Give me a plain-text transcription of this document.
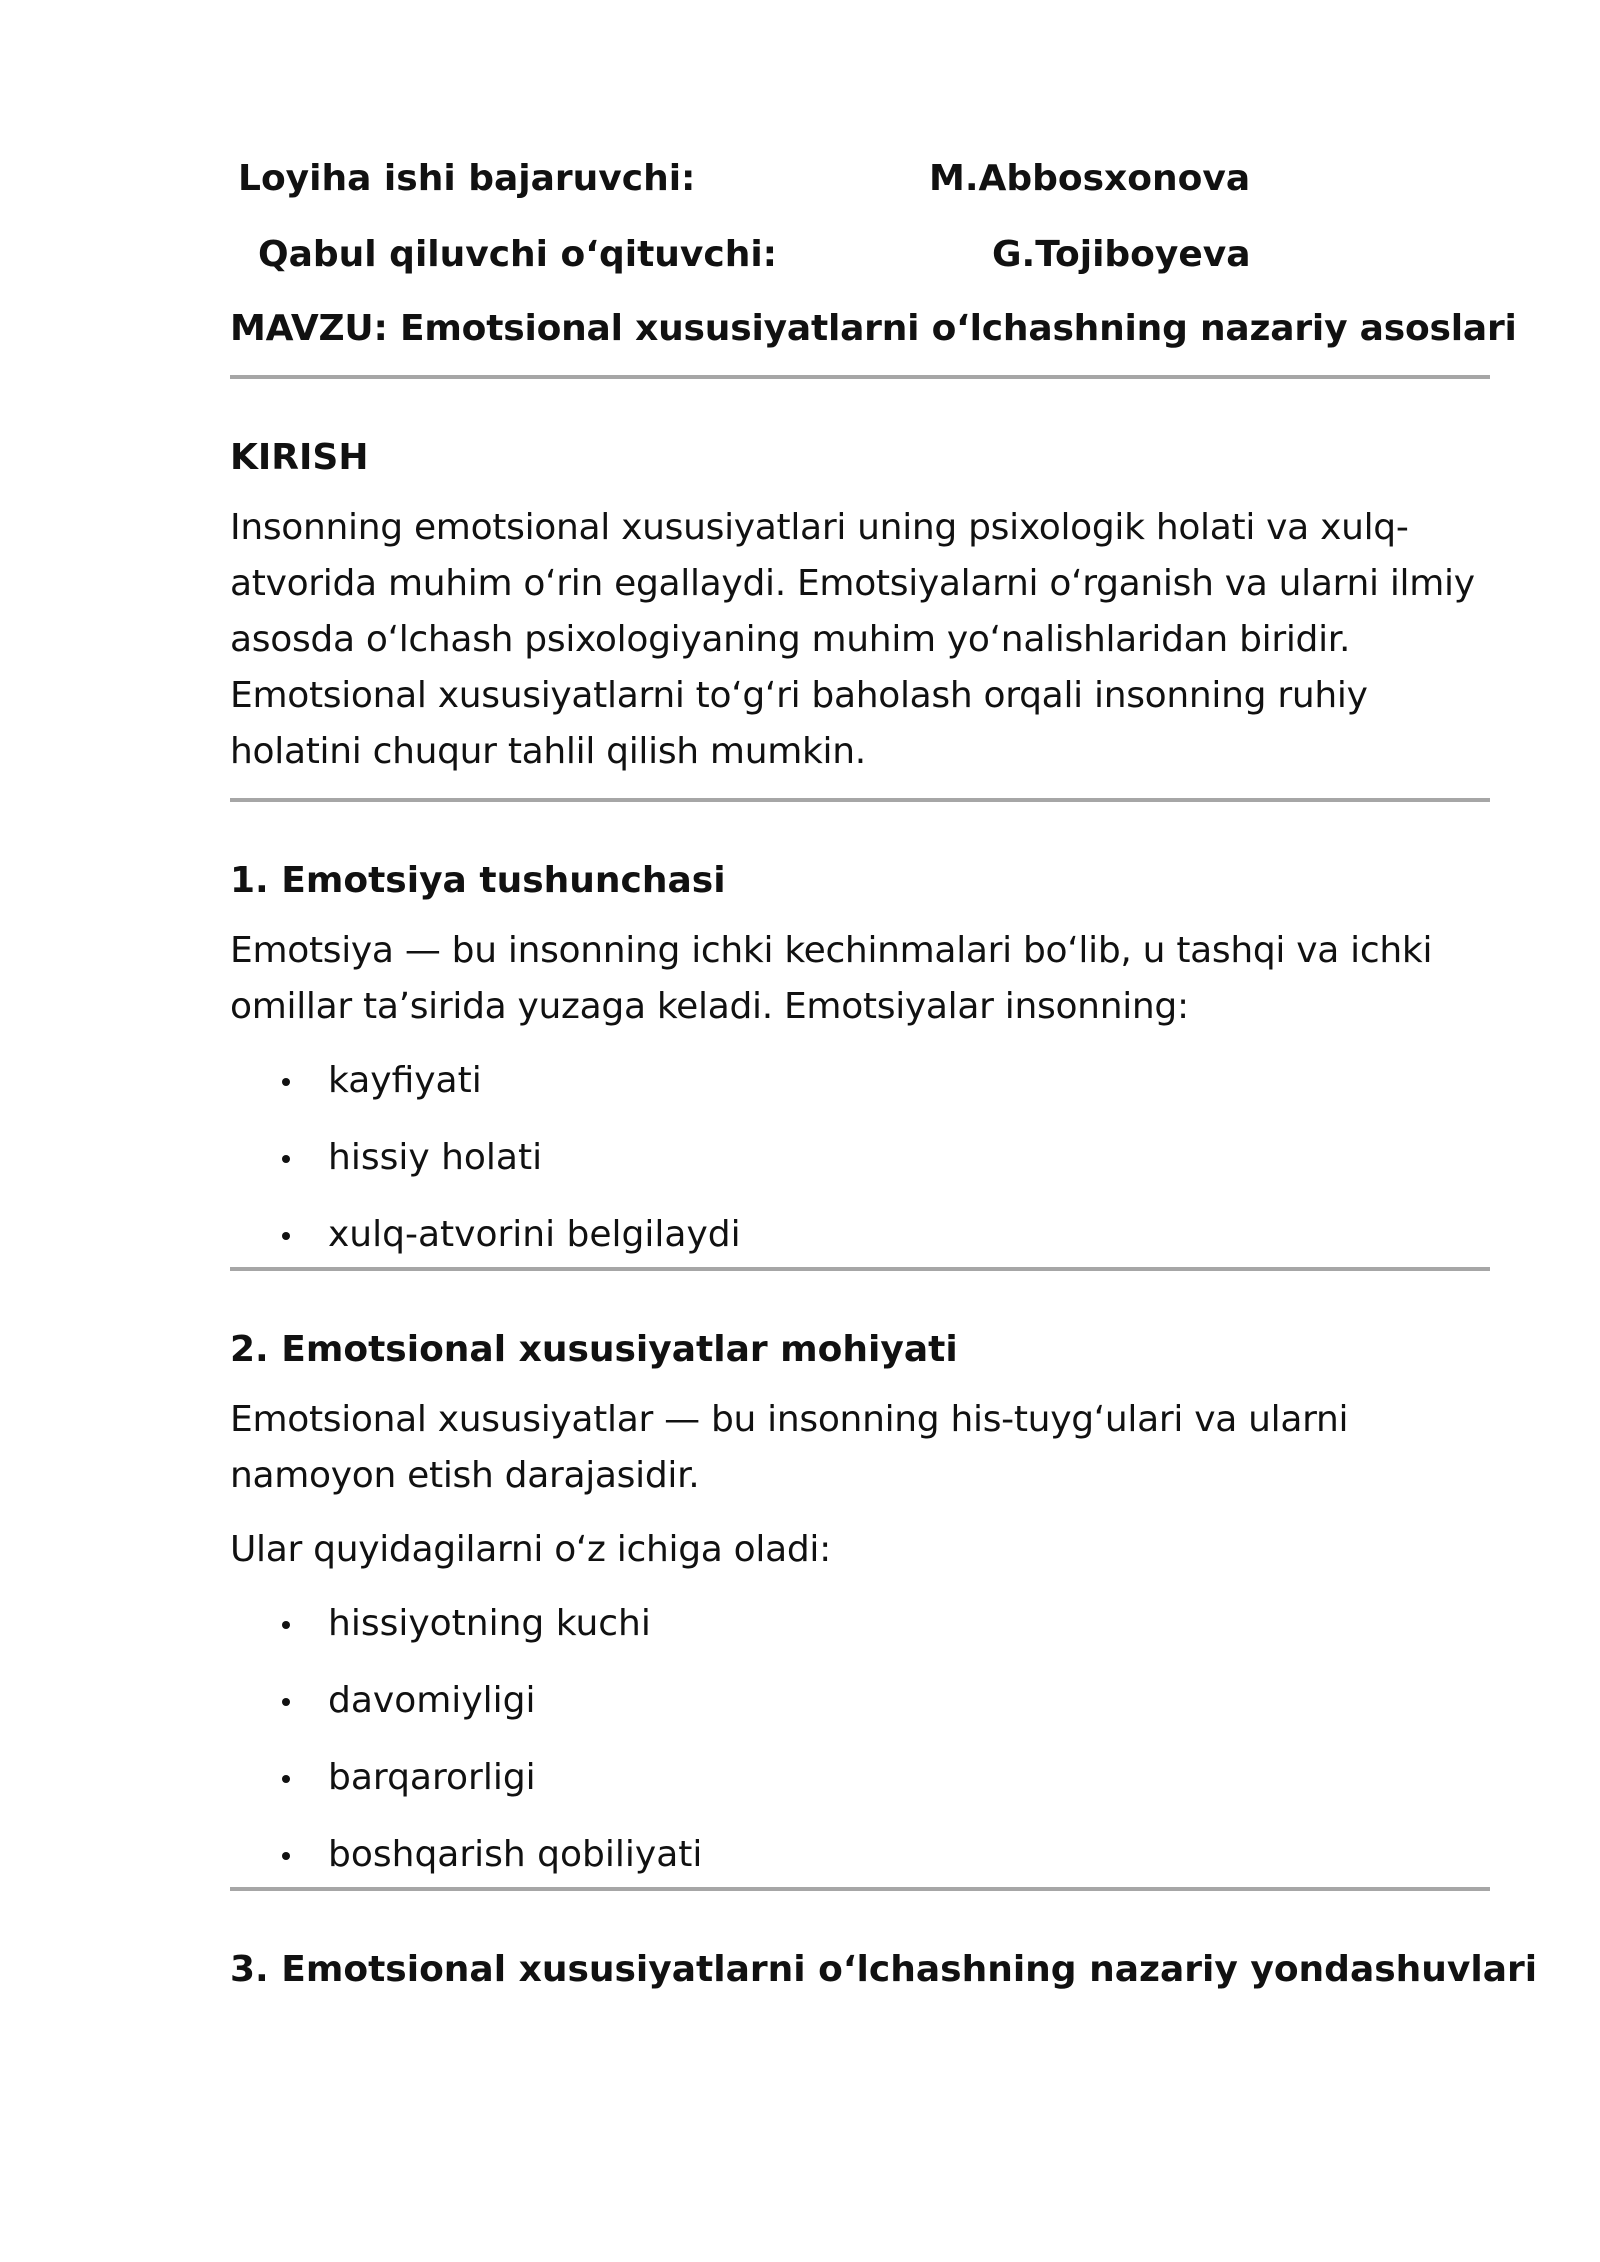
Loyiha ishi bajaruvchi:	M.Abbosxonova
Qabul qiluvchi o‘qituvchi:	G.Tojiboyeva
MAVZU: Emotsional xususiyatlarni o‘lchashning nazariy asoslari
KIRISH

Insonning emotsional xususiyatlari uning psixologik holati va xulq-
atvorida muhim o‘rin egallaydi. Emotsiyalarni o‘rganish va ularni ilmiy
asosda o‘lchash psixologiyaning muhim yo‘nalishlaridan biridir.
Emotsional xususiyatlarni to‘g‘ri baholash orqali insonning ruhiy
holatini chuqur tahlil qilish mumkin.

1. Emotsiya tushunchasi

Emotsiya — bu insonning ichki kechinmalari bo‘lib, u tashqi va ichki
omillar ta’sirida yuzaga keladi. Emotsiyalar insonning:

kayfiyati
hissiy holati
xulq-atvorini belgilaydi
2. Emotsional xususiyatlar mohiyati

Emotsional xususiyatlar — bu insonning his-tuyg‘ulari va ularni
namoyon etish darajasidir.

Ular quyidagilarni o‘z ichiga oladi:

hissiyotning kuchi
davomiyligi
barqarorligi
boshqarish qobiliyati
3. Emotsional xususiyatlarni o‘lchashning nazariy yondashuvlari
